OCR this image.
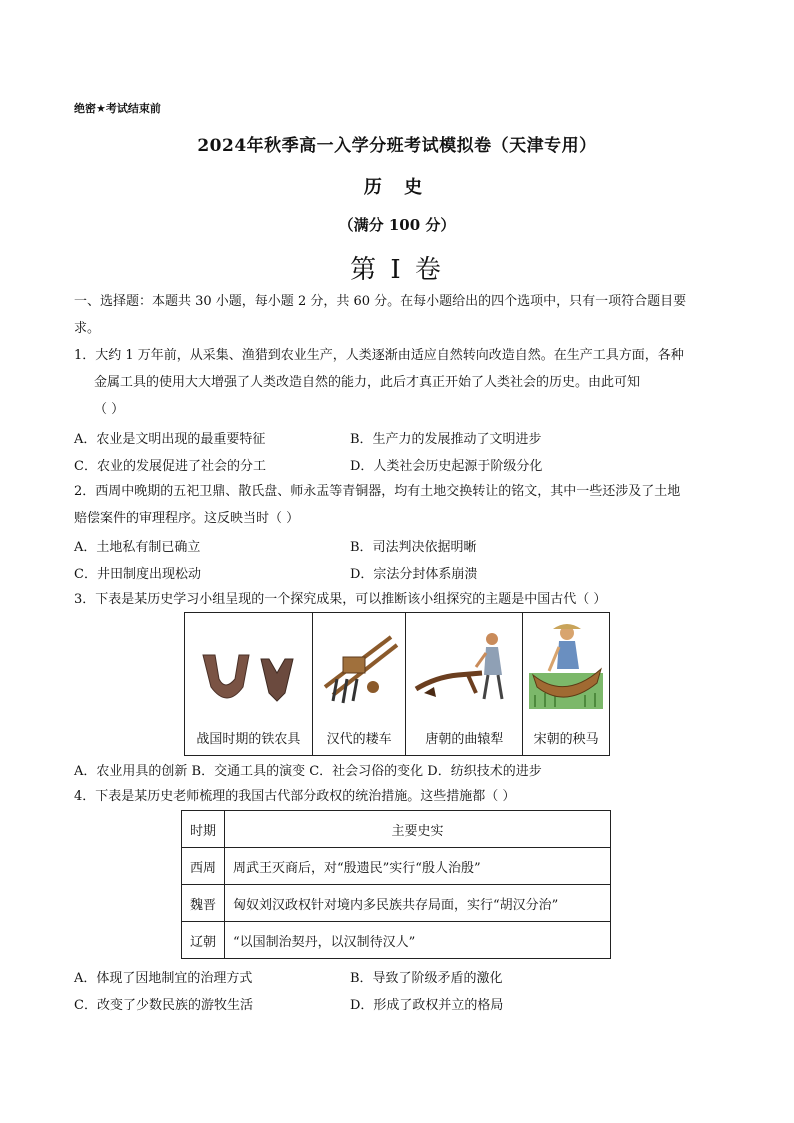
绝密★考试结束前
2024年秋季高一入学分班考试模拟卷（天津专用）
历 史
（满分 100 分）
第 I 卷
一、选择题：本题共 30 小题，每小题 2 分，共 60 分。在每小题给出的四个选项中，只有一项符合题目要
求。
1．大约 1 万年前，从采集、渔猎到农业生产，人类逐渐由适应自然转向改造自然。在生产工具方面，各种
金属工具的使用大大增强了人类改造自然的能力，此后才真正开始了人类社会的历史。由此可知
（ ）
A．农业是文明出现的最重要特征	B．生产力的发展推动了文明进步
C．农业的发展促进了社会的分工	D．人类社会历史起源于阶级分化
2．西周中晚期的五祀卫鼎、散氏盘、师永盂等青铜器，均有土地交换转让的铭文，其中一些还涉及了土地
赔偿案件的审理程序。这反映当时（ ）
A．土地私有制已确立	B．司法判决依据明晰
C．井田制度出现松动	D．宗法分封体系崩溃
3．下表是某历史学习小组呈现的一个探究成果，可以推断该小组探究的主题是中国古代（ ）
战国时期的铁农具	汉代的耧车	唐朝的曲辕犁	宋朝的秧马
A．农业用具的创新 B．交通工具的演变 C．社会习俗的变化 D．纺织技术的进步
4．下表是某历史老师梳理的我国古代部分政权的统治措施。这些措施都（ ）
时期	主要史实
西周	周武王灭商后，对“殷遗民”实行“殷人治殷”
魏晋	匈奴刘汉政权针对境内多民族共存局面，实行“胡汉分治”
辽朝	“以国制治契丹，以汉制待汉人”
A．体现了因地制宜的治理方式	B．导致了阶级矛盾的激化
C．改变了少数民族的游牧生活	D．形成了政权并立的格局
